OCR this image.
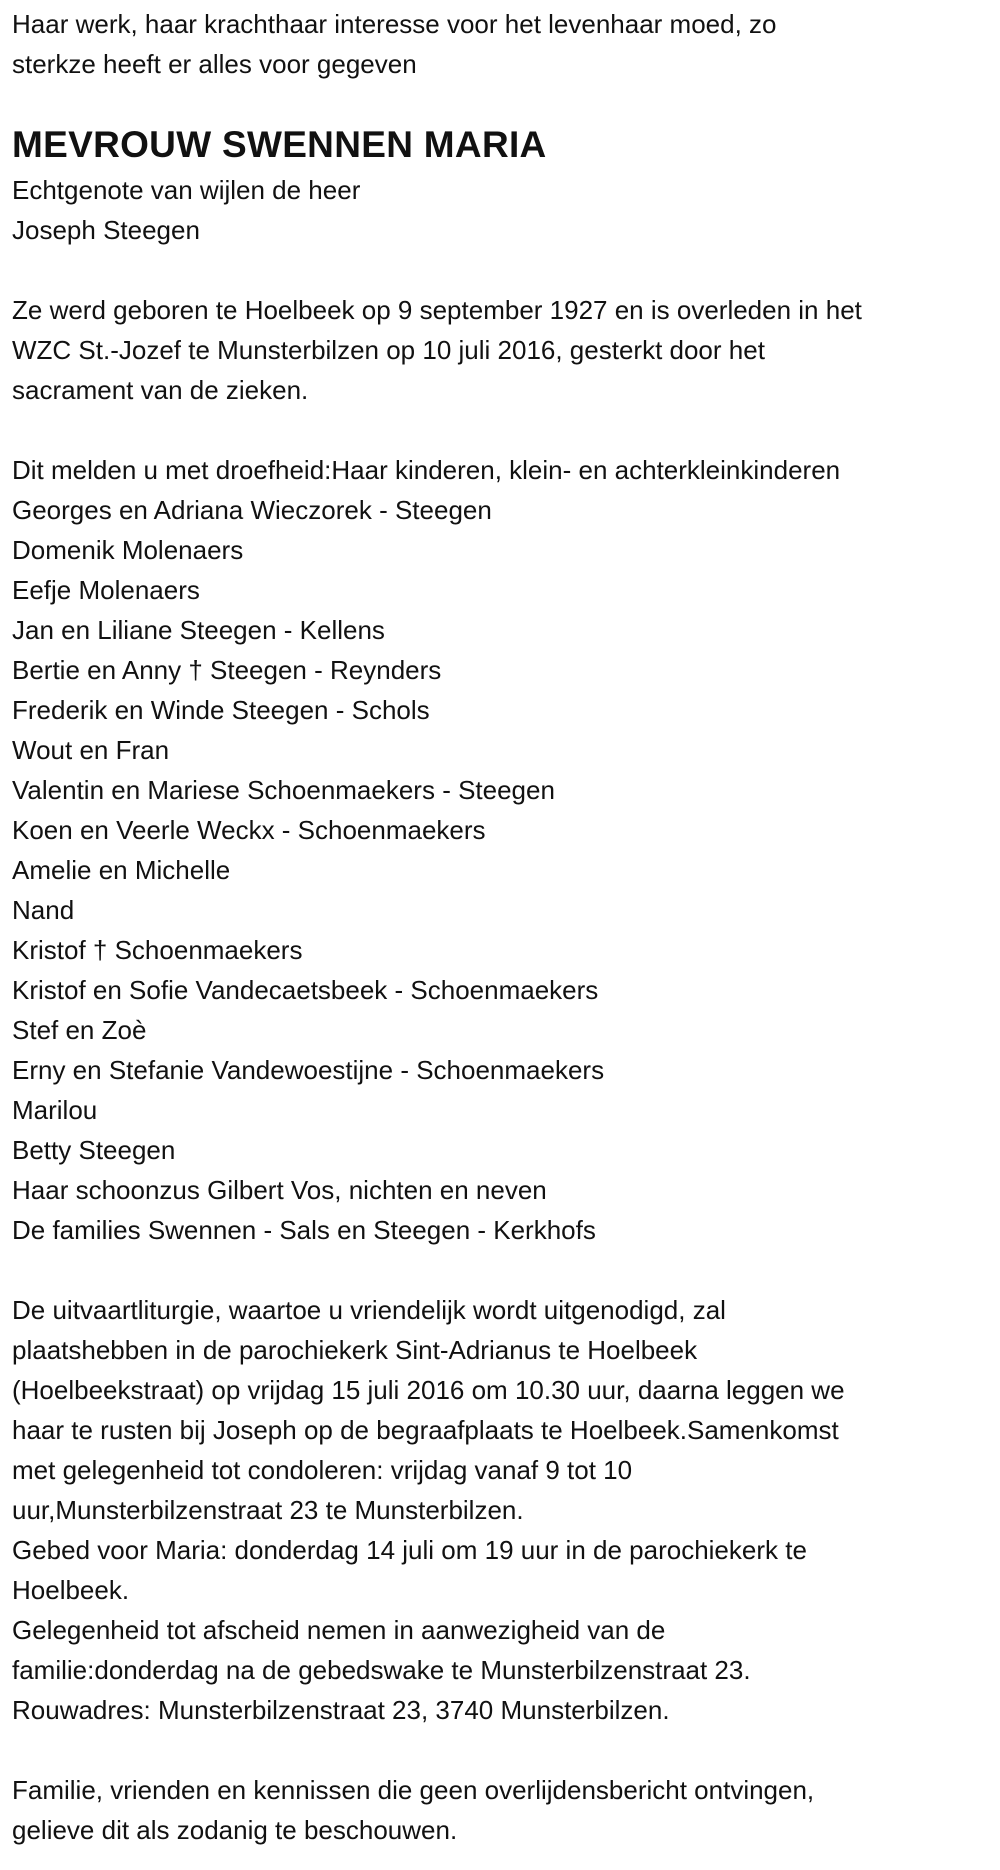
Haar werk, haar krachthaar interesse voor het levenhaar moed, zo
sterkze heeft er alles voor gegeven
MEVROUW SWENNEN MARIA
Echtgenote van wijlen de heer
Joseph Steegen
Ze werd geboren te Hoelbeek op 9 september 1927 en is overleden in het
WZC St.-Jozef te Munsterbilzen op 10 juli 2016, gesterkt door het
sacrament van de zieken.
Dit melden u met droefheid:Haar kinderen, klein- en achterkleinkinderen
Georges en Adriana Wieczorek - Steegen
Domenik Molenaers
Eefje Molenaers
Jan en Liliane Steegen - Kellens
Bertie en Anny † Steegen - Reynders
Frederik en Winde Steegen - Schols
Wout en Fran
Valentin en Mariese Schoenmaekers - Steegen
Koen en Veerle Weckx - Schoenmaekers
Amelie en Michelle
Nand
Kristof † Schoenmaekers
Kristof en Sofie Vandecaetsbeek - Schoenmaekers
Stef en Zoè
Erny en Stefanie Vandewoestijne - Schoenmaekers
Marilou
Betty Steegen
Haar schoonzus Gilbert Vos, nichten en neven
De families Swennen - Sals en Steegen - Kerkhofs
De uitvaartliturgie, waartoe u vriendelijk wordt uitgenodigd, zal
plaatshebben in de parochiekerk Sint-Adrianus te Hoelbeek
(Hoelbeekstraat) op vrijdag 15 juli 2016 om 10.30 uur, daarna leggen we
haar te rusten bij Joseph op de begraafplaats te Hoelbeek.Samenkomst
met gelegenheid tot condoleren: vrijdag vanaf 9 tot 10
uur,Munsterbilzenstraat 23 te Munsterbilzen.
Gebed voor Maria: donderdag 14 juli om 19 uur in de parochiekerk te
Hoelbeek.
Gelegenheid tot afscheid nemen in aanwezigheid van de
familie:donderdag na de gebedswake te Munsterbilzenstraat 23.
Rouwadres: Munsterbilzenstraat 23, 3740 Munsterbilzen.
Familie, vrienden en kennissen die geen overlijdensbericht ontvingen,
gelieve dit als zodanig te beschouwen.
